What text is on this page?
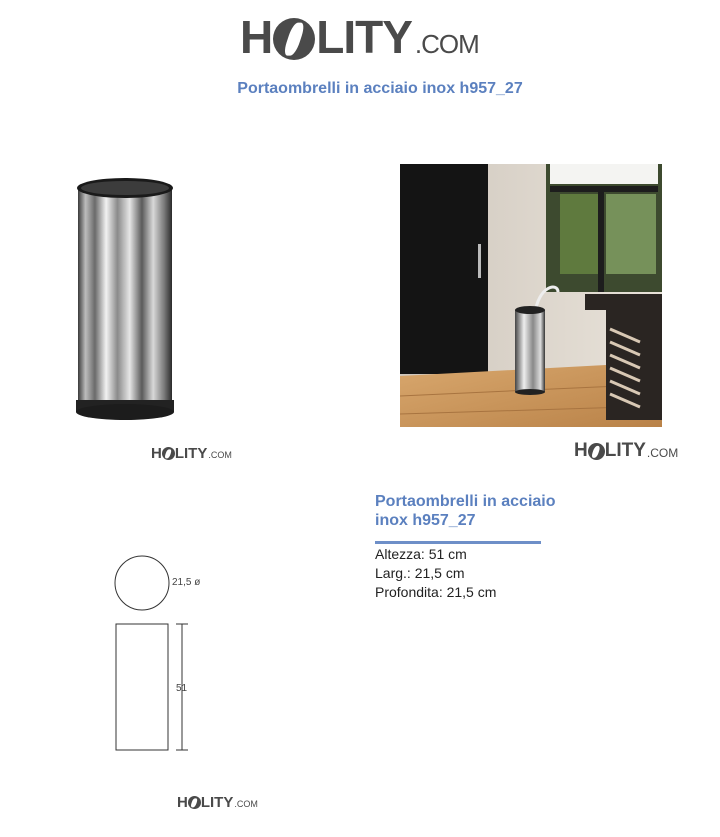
H LITY .COM
Portaombrelli in acciaio inox h957_27
H LITY .COM	H LITY .COM
Portaombrelli in acciaio
inox h957_27
Altezza: 51 cm
Larg.: 21,5 cm
Profondita: 21,5 cm
21,5 ø
51
H LITY .COM
